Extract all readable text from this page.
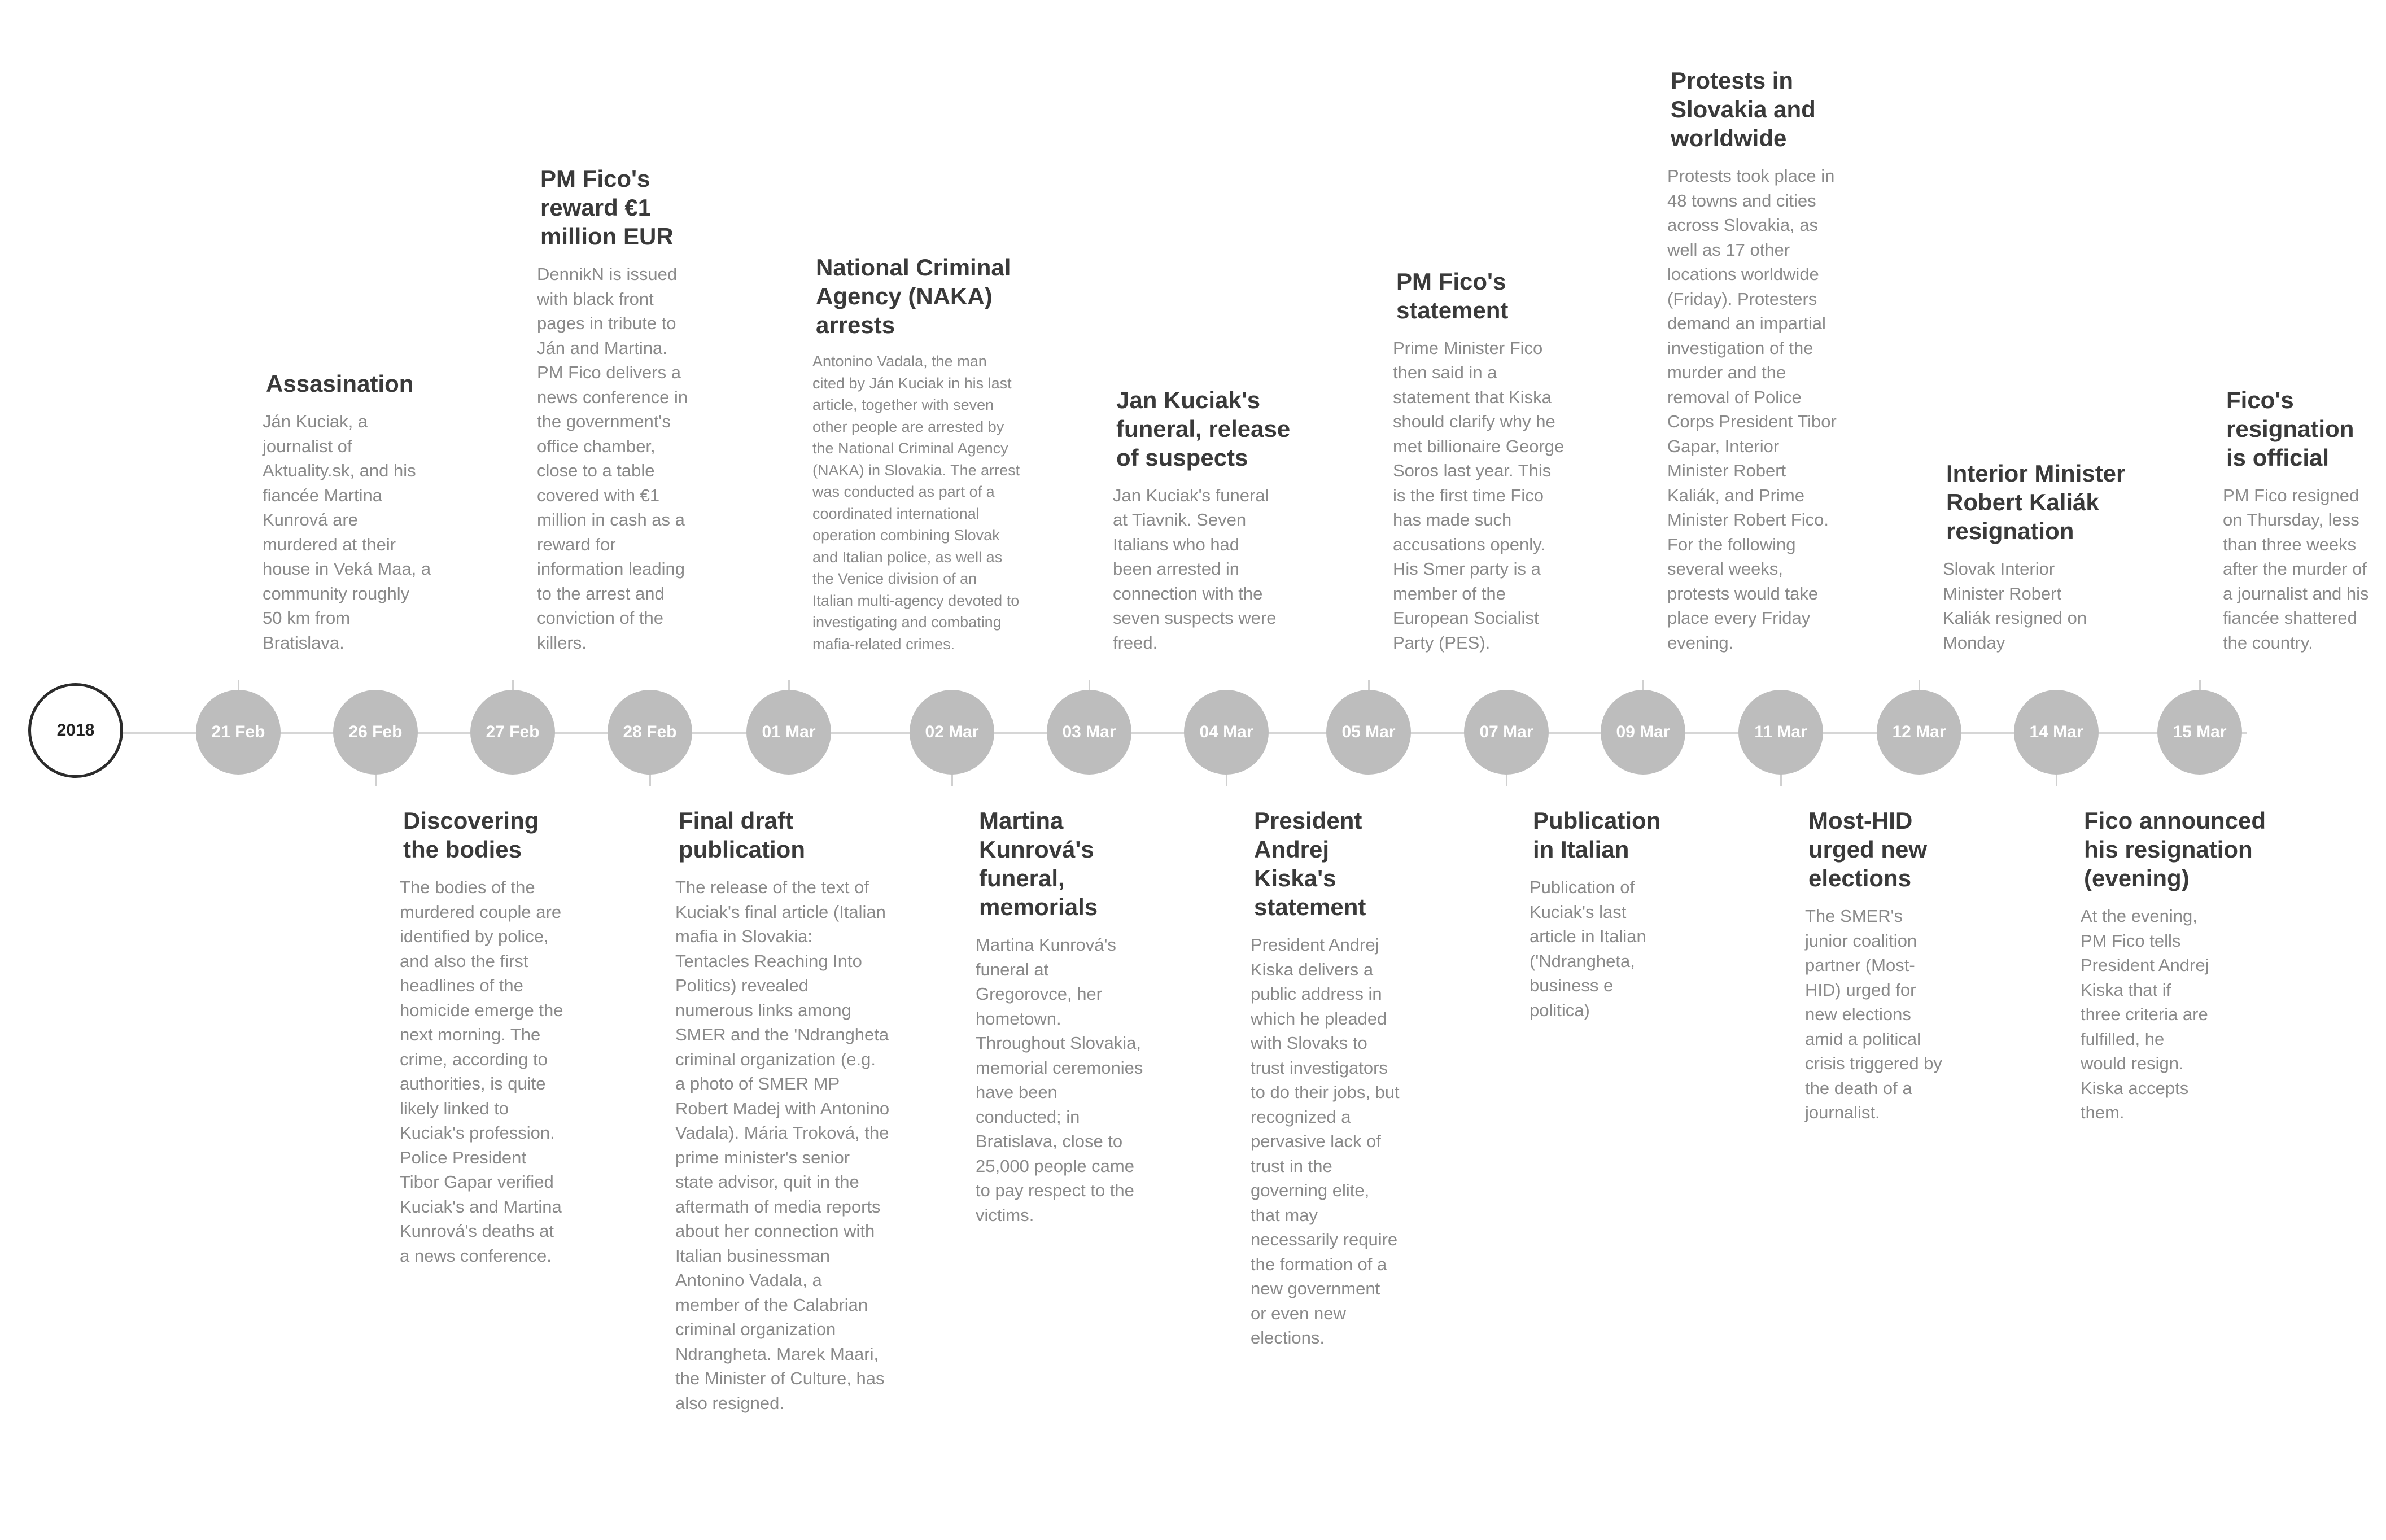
2018	21 Feb
Assasination
Ján Kuciak, a journalist of Aktuality.sk, and his fiancée Martina Kunrová are murdered at their house in Veká Maa, a community roughly 50 km from Bratislava.
26 Feb
Discovering the bodies
The bodies of the murdered couple are identified by police, and also the first headlines of the homicide emerge the next morning. The crime, according to authorities, is quite likely linked to Kuciak's profession. Police President Tibor Gapar verified Kuciak's and Martina Kunrová's deaths at a news conference.
27 Feb
PM Fico's reward €1 million EUR
DennikN is issued with black front pages in tribute to Ján and Martina. PM Fico delivers a news conference in the government's office chamber, close to a table covered with €1 million in cash as a reward for information leading to the arrest and conviction of the killers.
28 Feb
Final draft publication
The release of the text of Kuciak's final article (Italian mafia in Slovakia: Tentacles Reaching Into Politics) revealed numerous links among SMER and the 'Ndrangheta criminal organization (e.g. a photo of SMER MP Robert Madej with Antonino Vadala). Mária Troková, the prime minister's senior state advisor, quit in the aftermath of media reports about her connection with Italian businessman Antonino Vadala, a member of the Calabrian criminal organization Ndrangheta. Marek Maari, the Minister of Culture, has also resigned.
01 Mar
National Criminal Agency (NAKA) arrests
Antonino Vadala, the man cited by Ján Kuciak in his last article, together with seven other people are arrested by the National Criminal Agency (NAKA) in Slovakia. The arrest was conducted as part of a coordinated international operation combining Slovak and Italian police, as well as the Venice division of an Italian multi-agency devoted to investigating and combating mafia-related crimes.
02 Mar
Martina Kunrová's funeral, memorials
Martina Kunrová's funeral at Gregorovce, her hometown. Throughout Slovakia, memorial ceremonies have been conducted; in Bratislava, close to 25,000 people came to pay respect to the victims.
03 Mar
Jan Kuciak's funeral, release of suspects
Jan Kuciak's funeral at Tiavnik. Seven Italians who had been arrested in connection with the seven suspects were freed.
04 Mar
President Andrej Kiska's statement
President Andrej Kiska delivers a public address in which he pleaded with Slovaks to trust investigators to do their jobs, but recognized a pervasive lack of trust in the governing elite, that may necessarily require the formation of a new government or even new elections.
05 Mar
PM Fico's statement
Prime Minister Fico then said in a statement that Kiska should clarify why he met billionaire George Soros last year. This is the first time Fico has made such accusations openly. His Smer party is a member of the European Socialist Party (PES).
07 Mar
Publication in Italian
Publication of Kuciak's last article in Italian ('Ndrangheta, business e politica)
09 Mar
Protests in Slovakia and worldwide
Protests took place in 48 towns and cities across Slovakia, as well as 17 other locations worldwide (Friday). Protesters demand an impartial investigation of the murder and the removal of Police Corps President Tibor Gapar, Interior Minister Robert Kaliák, and Prime Minister Robert Fico. For the following several weeks, protests would take place every Friday evening.
11 Mar
Most-HID urged new elections
The SMER's junior coalition partner (Most-HID) urged for new elections amid a political crisis triggered by the death of a journalist.
12 Mar
Interior Minister Robert Kaliák resignation
Slovak Interior Minister Robert Kaliák resigned on Monday
14 Mar
Fico announced his resignation (evening)
At the evening, PM Fico tells President Andrej Kiska that if three criteria are fulfilled, he would resign. Kiska accepts them.
15 Mar
Fico's resignation is official
PM Fico resigned on Thursday, less than three weeks after the murder of a journalist and his fiancée shattered the country.
